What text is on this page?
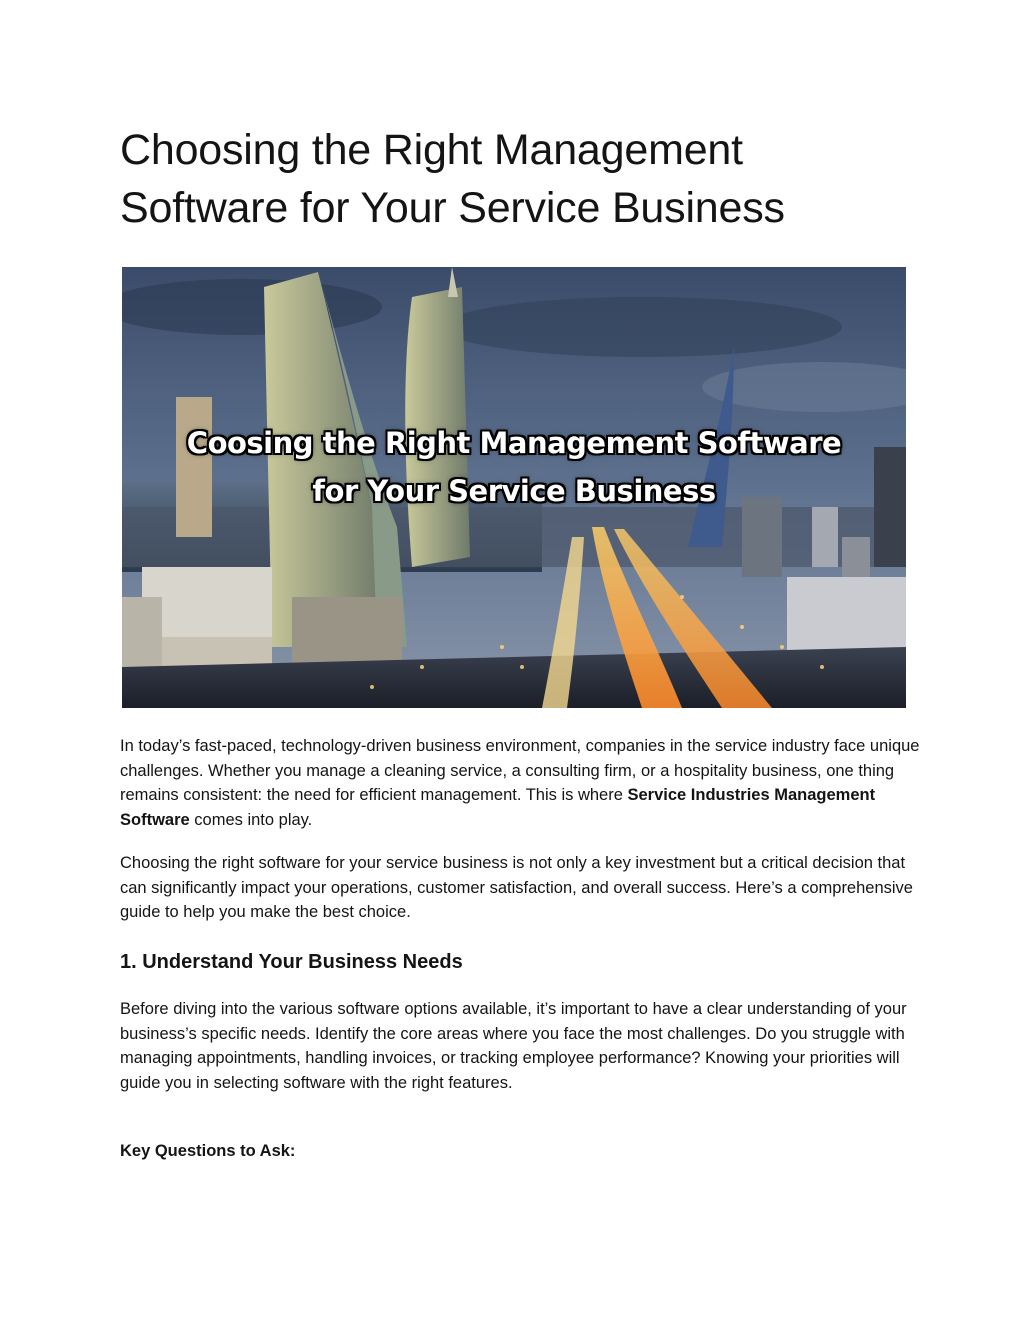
Choosing the Right Management Software for Your Service Business
Coosing the Right Management Software
for Your Service Business

In today’s fast-paced, technology-driven business environment, companies in the service industry face unique challenges. Whether you manage a cleaning service, a consulting firm, or a hospitality business, one thing remains consistent: the need for efficient management. This is where Service Industries Management Software comes into play.

Choosing the right software for your service business is not only a key investment but a critical decision that can significantly impact your operations, customer satisfaction, and overall success. Here’s a comprehensive guide to help you make the best choice.

1. Understand Your Business Needs

Before diving into the various software options available, it’s important to have a clear understanding of your business’s specific needs. Identify the core areas where you face the most challenges. Do you struggle with managing appointments, handling invoices, or tracking employee performance? Knowing your priorities will guide you in selecting software with the right features.

Key Questions to Ask:
